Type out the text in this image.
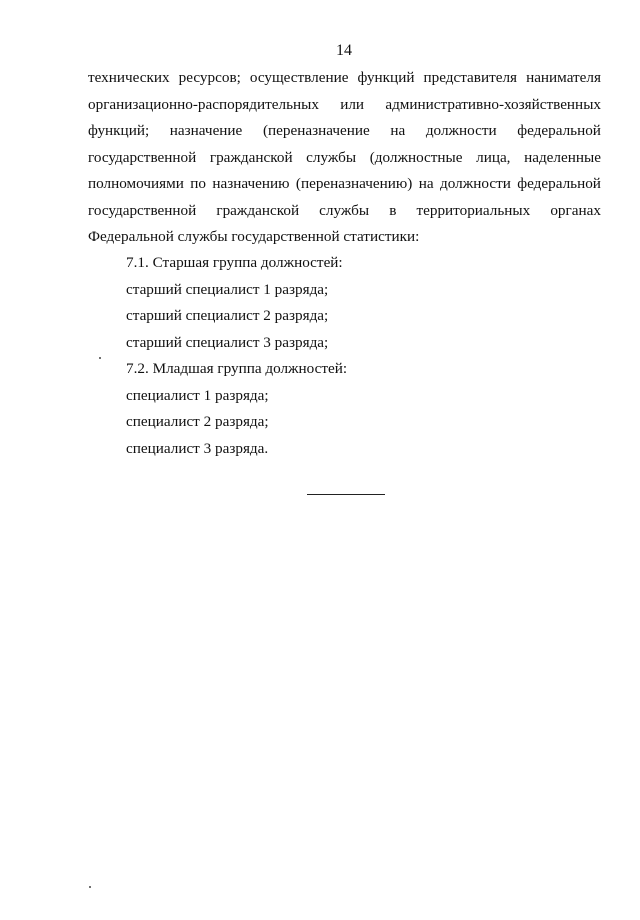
14

технических ресурсов; осуществление функций представителя нанимателя

организационно-распорядительных или административно-хозяйственных

функций; назначение (переназначение на должности федеральной

государственной гражданской службы (должностные лица, наделенные

полномочиями по назначению (переназначению) на должности федеральной

государственной гражданской службы в территориальных органах

Федеральной службы государственной статистики:

7.1. Старшая группа должностей:

старший специалист 1 разряда;

старший специалист 2 разряда;

старший специалист 3 разряда;

7.2. Младшая группа должностей:

специалист 1 разряда;

специалист 2 разряда;

специалист 3 разряда.
